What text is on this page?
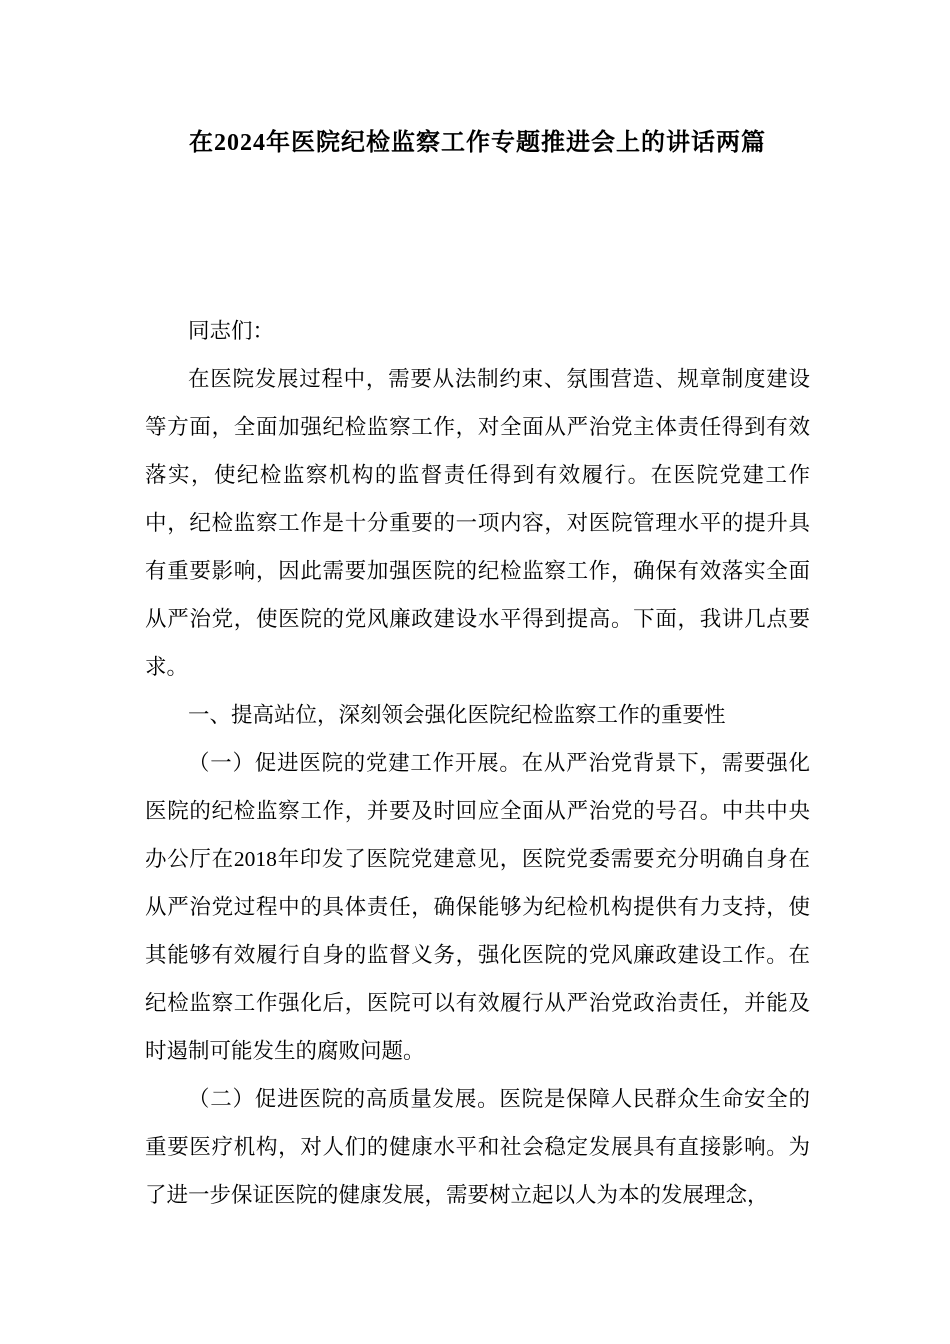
在2024年医院纪检监察工作专题推进会上的讲话两篇

同志们：

在医院发展过程中，需要从法制约束、氛围营造、规章制度建设等方面，全面加强纪检监察工作，对全面从严治党主体责任得到有效落实，使纪检监察机构的监督责任得到有效履行。在医院党建工作中，纪检监察工作是十分重要的一项内容，对医院管理水平的提升具有重要影响，因此需要加强医院的纪检监察工作，确保有效落实全面从严治党，使医院的党风廉政建设水平得到提高。下面，我讲几点要求。

一、提高站位，深刻领会强化医院纪检监察工作的重要性

（一）促进医院的党建工作开展。在从严治党背景下，需要强化医院的纪检监察工作，并要及时回应全面从严治党的号召。中共中央办公厅在2018年印发了医院党建意见，医院党委需要充分明确自身在从严治党过程中的具体责任，确保能够为纪检机构提供有力支持，使其能够有效履行自身的监督义务，强化医院的党风廉政建设工作。在纪检监察工作强化后，医院可以有效履行从严治党政治责任，并能及时遏制可能发生的腐败问题。

（二）促进医院的高质量发展。医院是保障人民群众生命安全的重要医疗机构，对人们的健康水平和社会稳定发展具有直接影响。为了进一步保证医院的健康发展，需要树立起以人为本的发展理念，
